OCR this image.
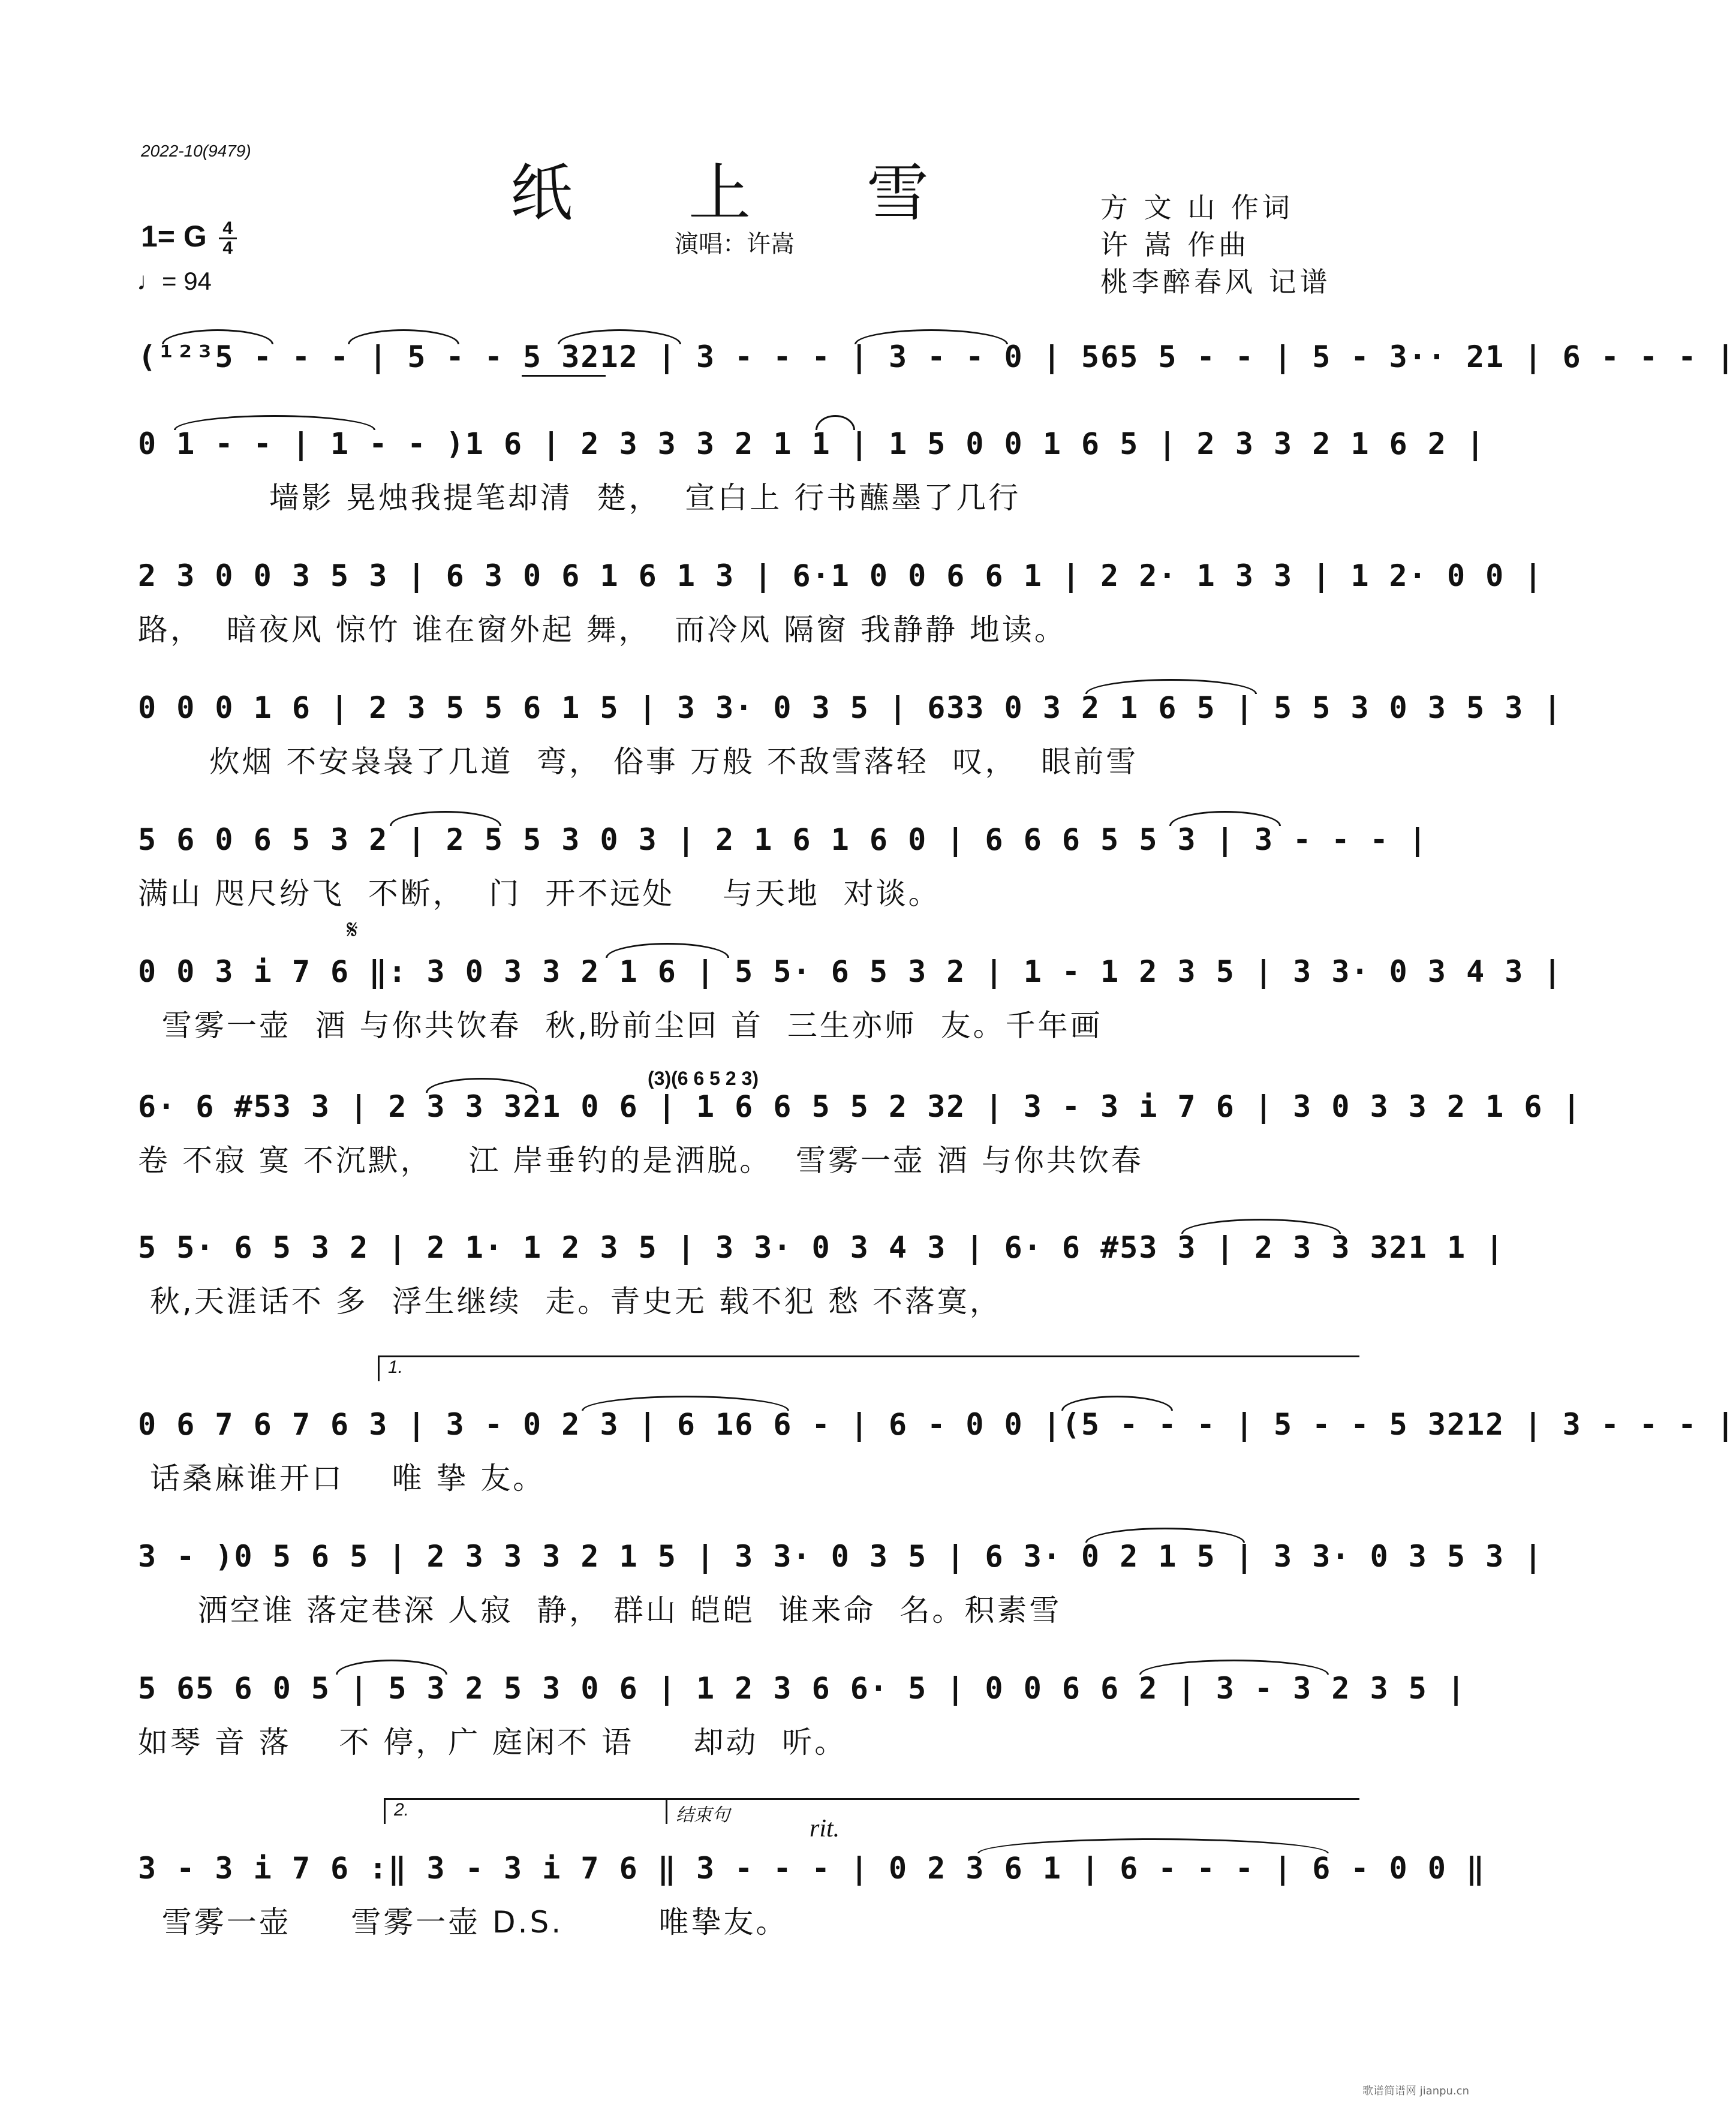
2022-10(9479)
纸 上 雪	方 文 山 作词
许 嵩 作曲
桃李醉春风 记谱
演唱：许嵩
1= G $\frac{4}{4}$
♩= 94
(¹²³5 - - - | 5 - - 5 3212 | 3 - - - | 3 - - 0 | 565 5 - - | 5 - 3·· 21 | 6 - - - |
0 1 - - | 1 - - )1 6 | 2 3 3 3 2 1 1 | 1 5 0 0 1 6 5 | 2 3 3 2 1 6 2 |
墙影 晃烛我提笔却清  楚，  宣白上 行书蘸墨了几行
2 3 0 0 3 5 3 | 6 3 0 6 1 6 1 3 | 6·1 0 0 6 6 1 | 2 2· 1 3 3 | 1 2· 0 0 |
路，  暗夜风 惊竹 谁在窗外起 舞，  而冷风 隔窗 我静静 地读。
0 0 0 1 6 | 2 3 5 5 6 1 5 | 3 3· 0 3 5 | 633 0 3 2 1 6 5 | 5 5 3 0 3 5 3 |
炊烟 不安袅袅了几道  弯， 俗事 万般 不敌雪落轻  叹，  眼前雪
5 6 0 6 5 3 2 | 2 5 5 3 0 3 | 2 1 6 1 6 0 | 6 6 6 5 5 3 | 3 - - - |
满山 咫尺纷飞  不断，  门  开不远处    与天地  对谈。
𝄋
0 0 3 i 7 6 ‖: 3 0 3 3 2 1 6 | 5 5· 6 5 3 2 | 1 - 1 2 3 5 | 3 3· 0 3 4 3 |
雪雾一壶  酒 与你共饮春  秋,盼前尘回 首  三生亦师  友。千年画
(3)(6 6 5 2 3)
6· 6 #53 3 | 2 3 3 321 0 6 | 1 6 6 5 5 2 32 | 3 - 3 i 7 6 | 3 0 3 3 2 1 6 |
卷 不寂 寞 不沉默，   江 岸垂钓的是洒脱。  雪雾一壶 酒 与你共饮春
5 5· 6 5 3 2 | 2 1· 1 2 3 5 | 3 3· 0 3 4 3 | 6· 6 #53 3 | 2 3 3 321 1 |
秋,天涯话不 多  浮生继续  走。青史无 载不犯 愁 不落寞，
1.
0 6 7 6 7 6 3 | 3 - 0 2 3 | 6 16 6 - | 6 - 0 0 |(5 - - - | 5 - - 5 3212 | 3 - - - |
话桑麻谁开口    唯 挚 友。
3 - )0 5 6 5 | 2 3 3 3 2 1 5 | 3 3· 0 3 5 | 6 3· 0 2 1 5 | 3 3· 0 3 5 3 |
洒空谁 落定巷深 人寂  静， 群山 皑皑  谁来命  名。积素雪
5 65 6 0 5 | 5 3 2 5 3 0 6 | 1 2 3 6 6· 5 | 0 0 6 6 2 | 3 - 3 2 3 5 |
如琴 音 落    不 停，广 庭闲不 语     却动  听。
2.	结束句	rit.
3 - 3 i 7 6 :‖ 3 - 3 i 7 6 ‖ 3 - - - | 0 2 3 6 1 | 6 - - - | 6 - 0 0 ‖
雪雾一壶     雪雾一壶 D.S.        唯挚友。
歌谱简谱网 jianpu.cn
